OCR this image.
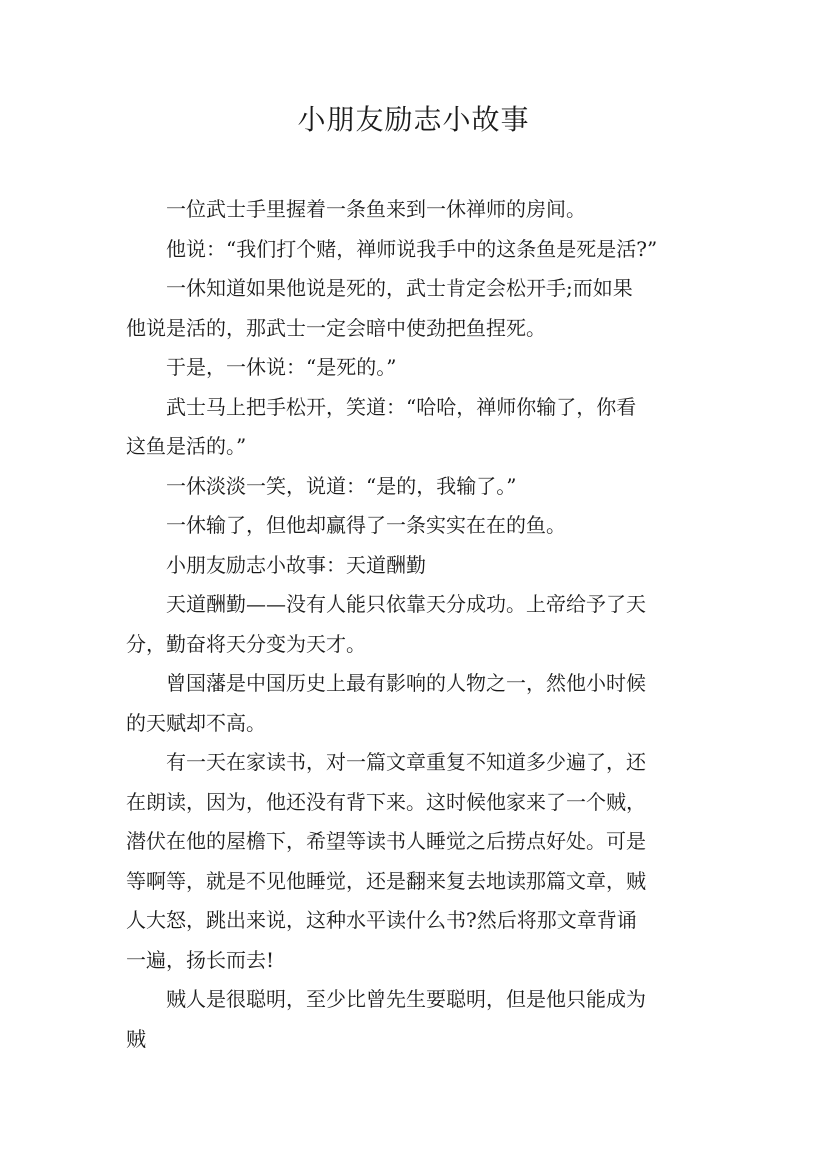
小朋友励志小故事
一位武士手里握着一条鱼来到一休禅师的房间。
他说：“我们打个赌，禅师说我手中的这条鱼是死是活?”
一休知道如果他说是死的，武士肯定会松开手;而如果
他说是活的，那武士一定会暗中使劲把鱼捏死。
于是，一休说：“是死的。”
武士马上把手松开，笑道：“哈哈，禅师你输了，你看
这鱼是活的。”
一休淡淡一笑，说道：“是的，我输了。”
一休输了，但他却赢得了一条实实在在的鱼。
小朋友励志小故事：天道酬勤
天道酬勤——没有人能只依靠天分成功。上帝给予了天
分，勤奋将天分变为天才。
曾国藩是中国历史上最有影响的人物之一，然他小时候
的天赋却不高。
有一天在家读书，对一篇文章重复不知道多少遍了，还
在朗读，因为，他还没有背下来。这时候他家来了一个贼，
潜伏在他的屋檐下，希望等读书人睡觉之后捞点好处。可是
等啊等，就是不见他睡觉，还是翻来复去地读那篇文章，贼
人大怒，跳出来说，这种水平读什么书?然后将那文章背诵
一遍，扬长而去!
贼人是很聪明，至少比曾先生要聪明，但是他只能成为
贼
